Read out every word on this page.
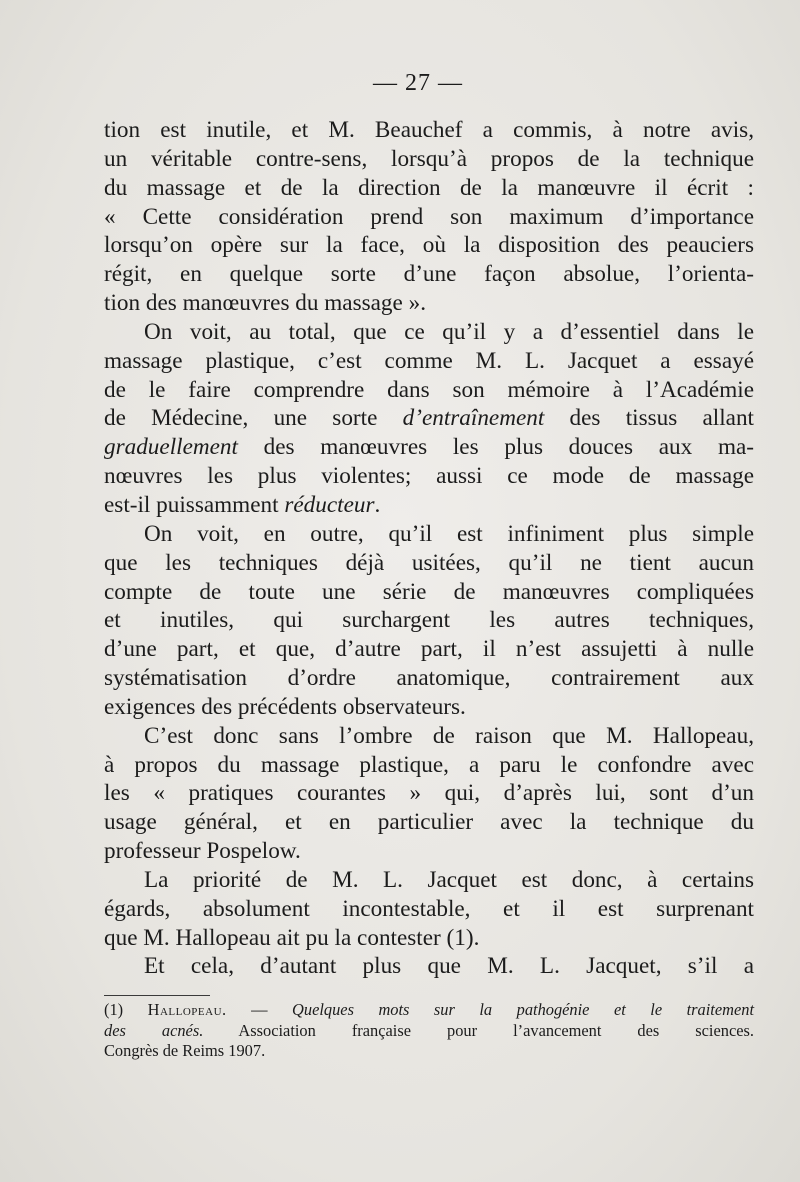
— 27 —
tion est inutile, et M. Beauchef a commis, à notre avis,
un véritable contre-sens, lorsqu’à propos de la technique
du massage et de la direction de la manœuvre il écrit :
« Cette considération prend son maximum d’importance
lorsqu’on opère sur la face, où la disposition des peauciers
régit, en quelque sorte d’une façon absolue, l’orienta-
tion des manœuvres du massage ».
On voit, au total, que ce qu’il y a d’essentiel dans le
massage plastique, c’est comme M. L. Jacquet a essayé
de le faire comprendre dans son mémoire à l’Académie
de Médecine, une sorte d’entraînement des tissus allant
graduellement des manœuvres les plus douces aux ma-
nœuvres les plus violentes; aussi ce mode de massage
est-il puissamment réducteur.
On voit, en outre, qu’il est infiniment plus simple
que les techniques déjà usitées, qu’il ne tient aucun
compte de toute une série de manœuvres compliquées
et inutiles, qui surchargent les autres techniques,
d’une part, et que, d’autre part, il n’est assujetti à nulle
systématisation d’ordre anatomique, contrairement aux
exigences des précédents observateurs.
C’est donc sans l’ombre de raison que M. Hallopeau,
à propos du massage plastique, a paru le confondre avec
les « pratiques courantes » qui, d’après lui, sont d’un
usage général, et en particulier avec la technique du
professeur Pospelow.
La priorité de M. L. Jacquet est donc, à certains
égards, absolument incontestable, et il est surprenant
que M. Hallopeau ait pu la contester (1).
Et cela, d’autant plus que M. L. Jacquet, s’il a
(1) Hallopeau. — Quelques mots sur la pathogénie et le traitement
des acnés. Association française pour l’avancement des sciences.
Congrès de Reims 1907.
